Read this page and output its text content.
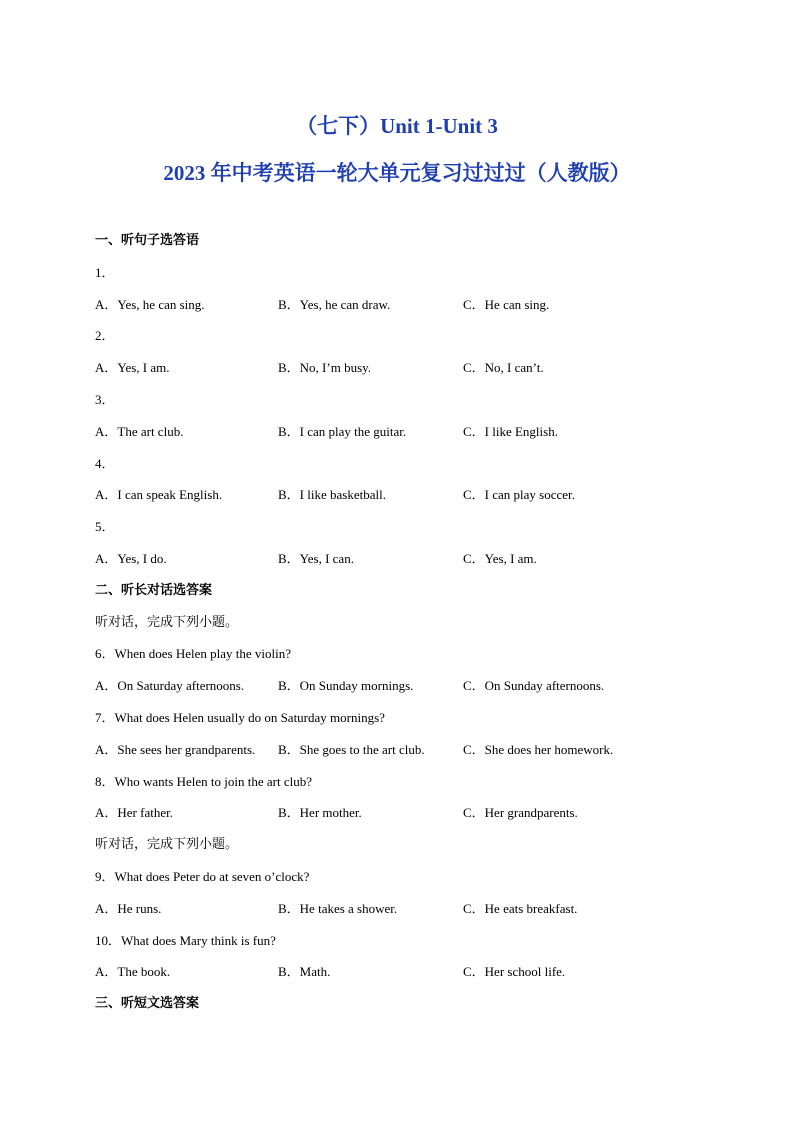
（七下）Unit 1-Unit 3
2023 年中考英语一轮大单元复习过过过（人教版）
一、听句子选答语
1．
A．Yes, he can sing.	B．Yes, he can draw.	C．He can sing.
2．
A．Yes, I am.	B．No, I’m busy.	C．No, I can’t.
3．
A．The art club.	B．I can play the guitar.	C．I like English.
4．
A．I can speak English.	B．I like basketball.	C．I can play soccer.
5．
A．Yes, I do.	B．Yes, I can.	C．Yes, I am.
二、听长对话选答案
听对话，完成下列小题。
6．When does Helen play the violin?
A．On Saturday afternoons.	B．On Sunday mornings.	C．On Sunday afternoons.
7．What does Helen usually do on Saturday mornings?
A．She sees her grandparents. B．She goes to the art club.	C．She does her homework.
8．Who wants Helen to join the art club?
A．Her father.	B．Her mother.	C．Her grandparents.
听对话，完成下列小题。
9．What does Peter do at seven o’clock?
A．He runs.	B．He takes a shower.	C．He eats breakfast.
10．What does Mary think is fun?
A．The book.	B．Math.	C．Her school life.
三、听短文选答案
